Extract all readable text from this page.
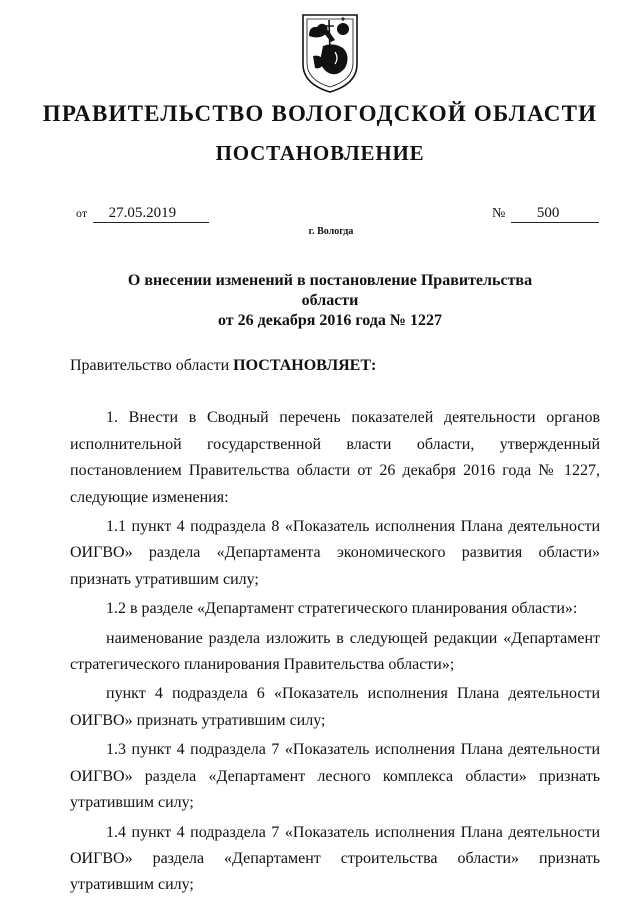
ПРАВИТЕЛЬСТВО ВОЛОГОДСКОЙ ОБЛАСТИ
ПОСТАНОВЛЕНИЕ
от 27.05.2019	№ 500
г. Вологда
О внесении изменений в постановление Правительства области
от 26 декабря 2016 года № 1227

Правительство области ПОСТАНОВЛЯЕТ:

1. Внести в Сводный перечень показателей деятельности органов исполнительной государственной власти области, утвержденный постановлением Правительства области от 26 декабря 2016 года № 1227, следующие изменения:

1.1 пункт 4 подраздела 8 «Показатель исполнения Плана деятельности ОИГВО» раздела «Департамента экономического развития области» признать утратившим силу;

1.2 в разделе «Департамент стратегического планирования области»:

наименование раздела изложить в следующей редакции «Департамент стратегического планирования Правительства области»;

пункт 4 подраздела 6 «Показатель исполнения Плана деятельности ОИГВО» признать утратившим силу;

1.3 пункт 4 подраздела 7 «Показатель исполнения Плана деятельности ОИГВО» раздела «Департамент лесного комплекса области» признать утратившим силу;

1.4 пункт 4 подраздела 7 «Показатель исполнения Плана деятельности ОИГВО» раздела «Департамент строительства области» признать утратившим силу;
